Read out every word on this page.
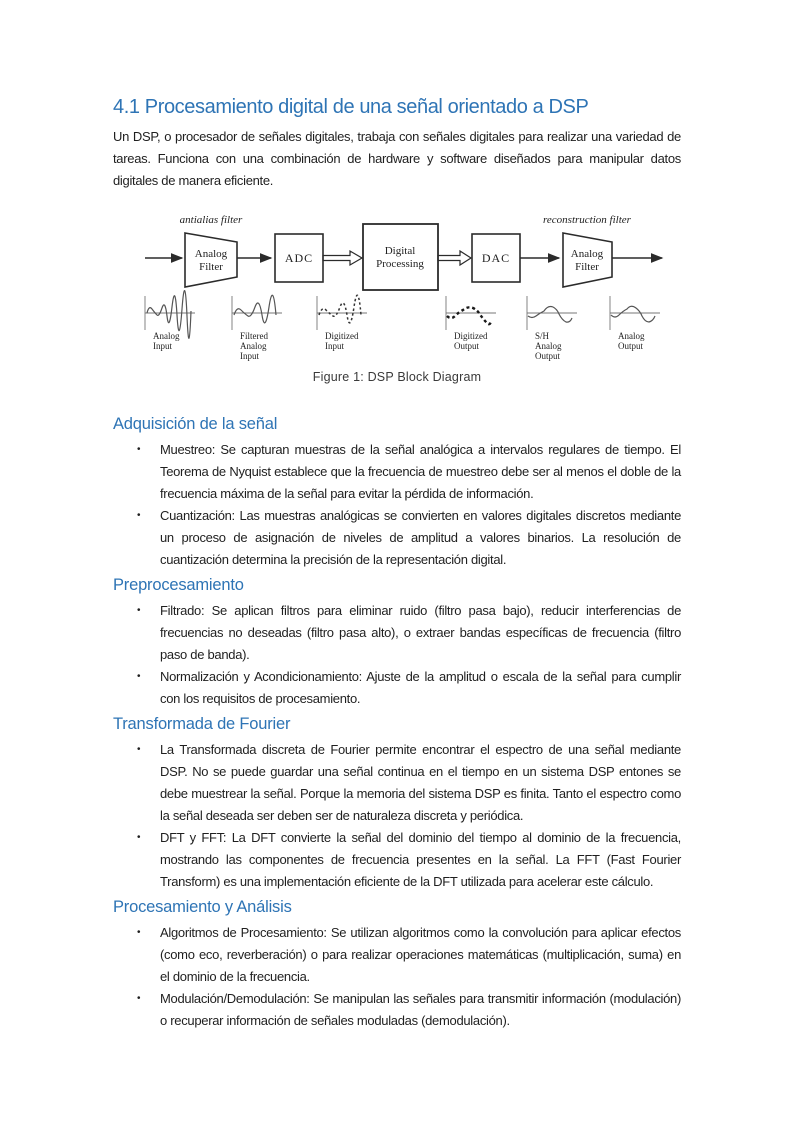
4.1 Procesamiento digital de una señal orientado a DSP

Un DSP, o procesador de señales digitales, trabaja con señales digitales para realizar una variedad de tareas. Funciona con una combinación de hardware y software diseñados para manipular datos digitales de manera eficiente.

antialias filter	reconstruction filter
Analog
Filter
ADC	Digital
Processing	DAC	Analog
Filter
Analog
Input
Filtered
Analog
Input
Digitized
Input
Digitized
Output
S/H
Analog
Output
Analog
Output
Figure 1: DSP Block Diagram
Adquisición de la señal
•	Muestreo: Se capturan muestras de la señal analógica a intervalos regulares de tiempo. El Teorema de Nyquist establece que la frecuencia de muestreo debe ser al menos el doble de la frecuencia máxima de la señal para evitar la pérdida de información.
•	Cuantización: Las muestras analógicas se convierten en valores digitales discretos mediante un proceso de asignación de niveles de amplitud a valores binarios. La resolución de cuantización determina la precisión de la representación digital.
Preprocesamiento
•	Filtrado: Se aplican filtros para eliminar ruido (filtro pasa bajo), reducir interferencias de frecuencias no deseadas (filtro pasa alto), o extraer bandas específicas de frecuencia (filtro paso de banda).
•	Normalización y Acondicionamiento: Ajuste de la amplitud o escala de la señal para cumplir con los requisitos de procesamiento.
Transformada de Fourier
•	La Transformada discreta de Fourier permite encontrar el espectro de una señal mediante DSP. No se puede guardar una señal continua en el tiempo en un sistema DSP entones se debe muestrear la señal. Porque la memoria del sistema DSP es finita. Tanto el espectro como la señal deseada ser deben ser de naturaleza discreta y periódica.
•	DFT y FFT: La DFT convierte la señal del dominio del tiempo al dominio de la frecuencia, mostrando las componentes de frecuencia presentes en la señal. La FFT (Fast Fourier Transform) es una implementación eficiente de la DFT utilizada para acelerar este cálculo.
Procesamiento y Análisis
•	Algoritmos de Procesamiento: Se utilizan algoritmos como la convolución para aplicar efectos (como eco, reverberación) o para realizar operaciones matemáticas (multiplicación, suma) en el dominio de la frecuencia.
•	Modulación/Demodulación: Se manipulan las señales para transmitir información (modulación) o recuperar información de señales moduladas (demodulación).
